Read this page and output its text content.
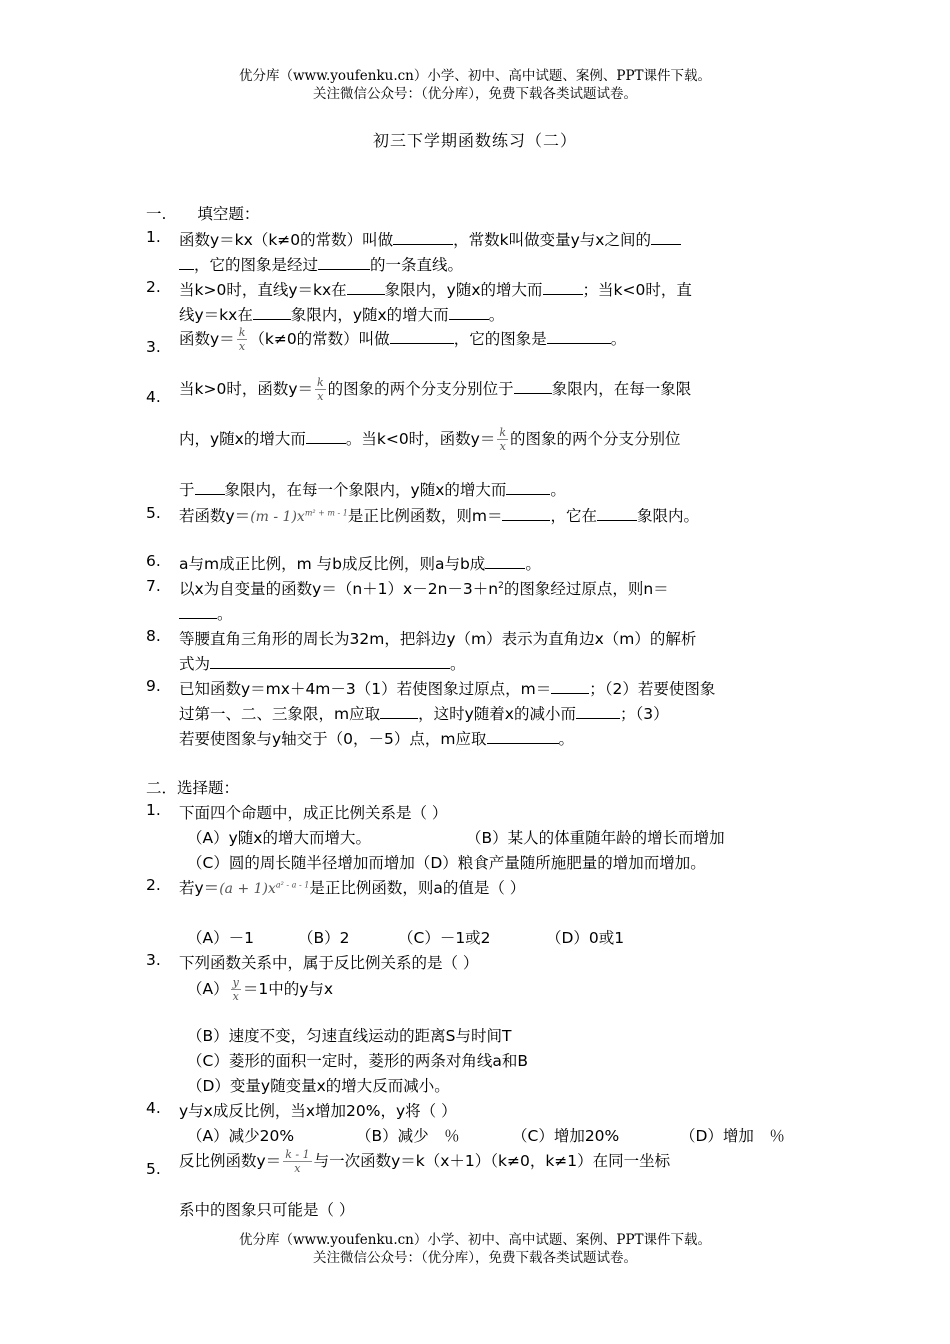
优分库（www.youfenku.cn）小学、初中、高中试题、案例、PPT课件下载。
关注微信公众号：（优分库），免费下载各类试题试卷。
初三下学期函数练习（二）
一.　　填空题：
1. 函数y＝kx（k≠0的常数）叫做	，常数k叫做变量y与x之间的
，它的图象是经过	的一条直线。
2. 当k>0时，直线y＝kx在 象限内，y随x的增大而	；当k<0时，直
线y＝kx在 象限内，y随x的增大而	。
3. 函数$y= \frac{k}{x} (k\ne 0$的常数）叫做	，它的图象是	。
4. 当k>0时，函数$y= \frac{k}{x}$ 的图象的两个分支分别位于 象限内，在每一象限
内，y随x的增大而	。当k<0时，函数$y= \frac{k}{x}$ 的图象的两个分支分别位
于 象限内，在每一个象限内，y随x的增大而	。
5. 若函数$y=(m - 1)x^{m^2 + m - 1}$是正比例函数，则m＝	，它在	象限内。
6. a与m成正比例，m 与b成反比例，则a与b成	。
7. 以x为自变量的函数$y=(n+1)x-2n-3+n^2$的图象经过原点，则n＝
。
8. 等腰直角三角形的周长为32m，把斜边y（m）表示为直角边x（m）的解析
式为	。
9. 已知函数y＝mx＋4m－3（1）若使图象过原点，m＝ ；（2）若要使图象
过第一、二、三象限，m应取 ，这时y随着x的减小而	；（3）
若要使图象与y轴交于（0，－5）点，m应取	。
二．选择题：
1. 下面四个命题中，成正比例关系是（ ）
（A）y随x的增大而增大。	（B）某人的体重随年龄的增长而增加
（C）圆的周长随半径增加而增加（D）粮食产量随所施肥量的增加而增加。
2. 若$y=(a + 1)x^{a^2 - a - 1}$是正比例函数，则a的值是（ ）
（A）－1	（B）2	（C）－1或2	（D）0或1
3. 下列函数关系中，属于反比例关系的是（ ）
$(A) \frac{y}{x} =1$中的y与x
（B）速度不变，匀速直线运动的距离S与时间T
（C）菱形的面积一定时，菱形的两条对角线a和B
（D）变量y随变量x的增大反而减小。
4. y与x成反比例，当x增加20%，y将（ ）
（A）减少20%	（B）减少　％	（C）增加20%	（D）增加　％
5. 反比例函数$y= \frac{k - 1}{x}$ 与一次函数y＝k（x＋1）（k≠0，k≠1）在同一坐标
系中的图象只可能是（ ）
优分库（www.youfenku.cn）小学、初中、高中试题、案例、PPT课件下载。
关注微信公众号：（优分库），免费下载各类试题试卷。
